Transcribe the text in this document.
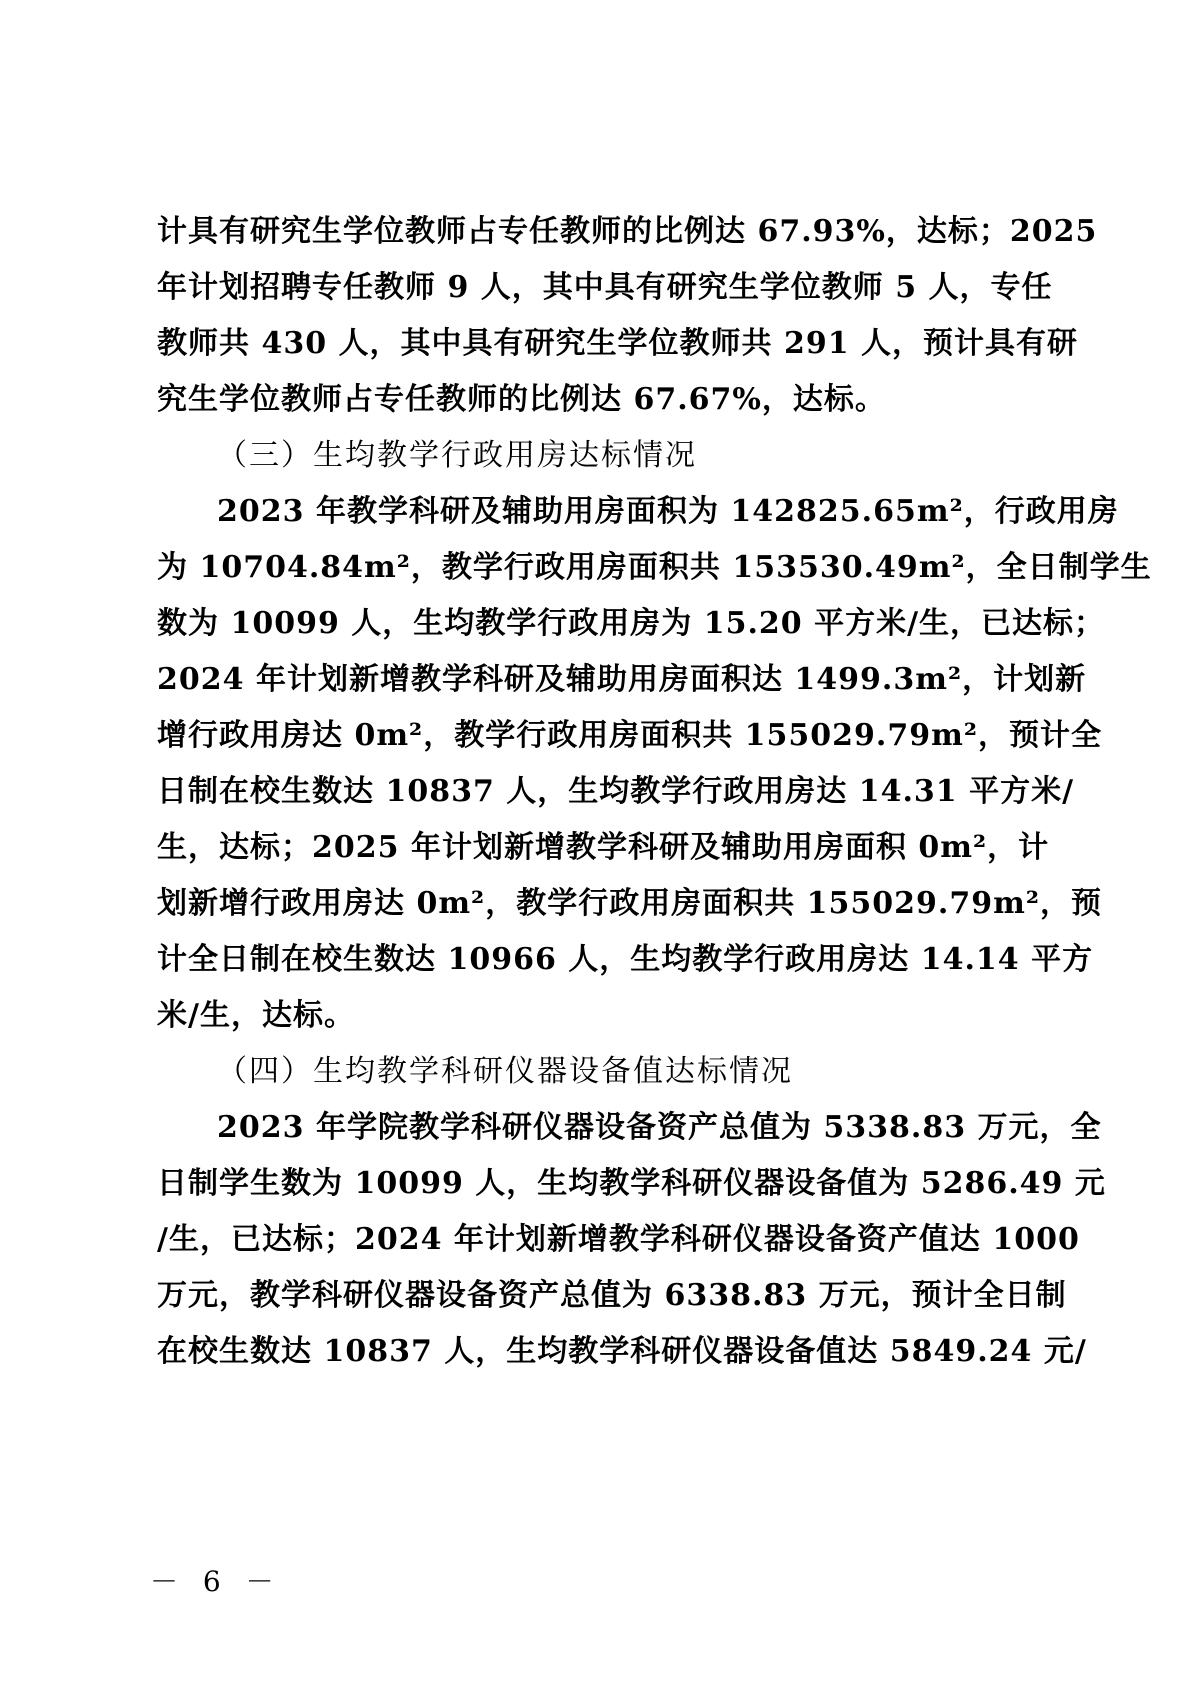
计具有研究生学位教师占专任教师的比例达 67.93%，达标；2025
年计划招聘专任教师 9 人，其中具有研究生学位教师 5 人，专任
教师共 430 人，其中具有研究生学位教师共 291 人，预计具有研
究生学位教师占专任教师的比例达 67.67%，达标。
（三）生均教学行政用房达标情况
2023 年教学科研及辅助用房面积为 142825.65m²，行政用房
为 10704.84m²，教学行政用房面积共 153530.49m²，全日制学生
数为 10099 人，生均教学行政用房为 15.20 平方米/生，已达标；
2024 年计划新增教学科研及辅助用房面积达 1499.3m²，计划新
增行政用房达 0m²，教学行政用房面积共 155029.79m²，预计全
日制在校生数达 10837 人，生均教学行政用房达 14.31 平方米/
生，达标；2025 年计划新增教学科研及辅助用房面积 0m²，计
划新增行政用房达 0m²，教学行政用房面积共 155029.79m²，预
计全日制在校生数达 10966 人，生均教学行政用房达 14.14 平方
米/生，达标。
（四）生均教学科研仪器设备值达标情况
2023 年学院教学科研仪器设备资产总值为 5338.83 万元，全
日制学生数为 10099 人，生均教学科研仪器设备值为 5286.49 元
/生，已达标；2024 年计划新增教学科研仪器设备资产值达 1000
万元，教学科研仪器设备资产总值为 6338.83 万元，预计全日制
在校生数达 10837 人，生均教学科研仪器设备值达 5849.24 元/
－ 6 －
